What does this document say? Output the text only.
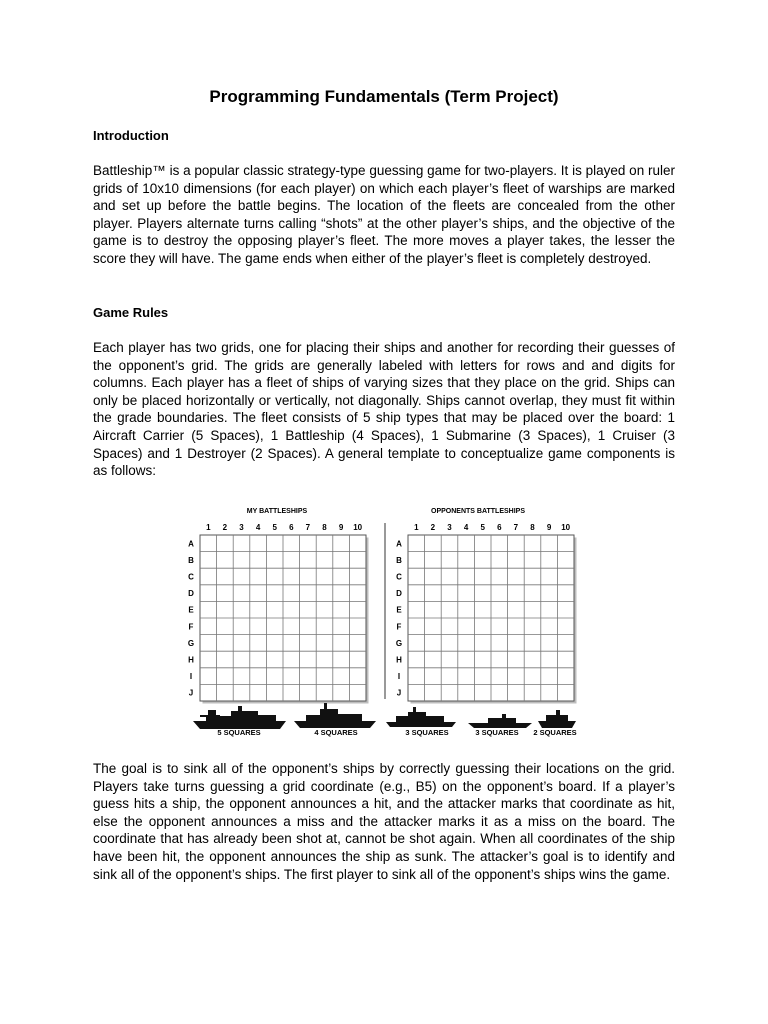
Programming Fundamentals (Term Project)
Introduction

Battleship™ is a popular classic strategy-type guessing game for two-players. It is played on ruler grids of 10x10 dimensions (for each player) on which each player’s fleet of warships are marked and set up before the battle begins. The location of the fleets are concealed from the other player. Players alternate turns calling “shots” at the other player’s ships, and the objective of the game is to destroy the opposing player’s fleet. The more moves a player takes, the lesser the score they will have. The game ends when either of the player’s fleet is completely destroyed.

Game Rules

Each player has two grids, one for placing their ships and another for recording their guesses of the opponent’s grid. The grids are generally labeled with letters for rows and and digits for columns. Each player has a fleet of ships of varying sizes that they place on the grid. Ships can only be placed horizontally or vertically, not diagonally. Ships cannot overlap, they must fit within the grade boundaries. The fleet consists of 5 ship types that may be placed over the board: 1 Aircraft Carrier (5 Spaces), 1 Battleship (4 Spaces), 1 Submarine (3 Spaces), 1 Cruiser (3 Spaces) and 1 Destroyer (2 Spaces). A general template to conceptualize game components is as follows:

The goal is to sink all of the opponent’s ships by correctly guessing their locations on the grid. Players take turns guessing a grid coordinate (e.g., B5) on the opponent’s board. If a player’s guess hits a ship, the opponent announces a hit, and the attacker marks that coordinate as hit, else the opponent announces a miss and the attacker marks it as a miss on the board. The coordinate that has already been shot at, cannot be shot again. When all coordinates of the ship have been hit, the opponent announces the ship as sunk. The attacker’s goal is to identify and sink all of the opponent’s ships. The first player to sink all of the opponent’s ships wins the game.

MY BATTLESHIPS	OPPONENTS BATTLESHIPS
1 2 3 4 5 6 7 8 9 10
A
B
C
D
E
F
G
H
I
J
1 2 3 4 5 6 7 8 9 10
A
B
C
D
E
F
G
H
I
J
5 SQUARES	4 SQUARES	3 SQUARES	3 SQUARES 2 SQUARES
